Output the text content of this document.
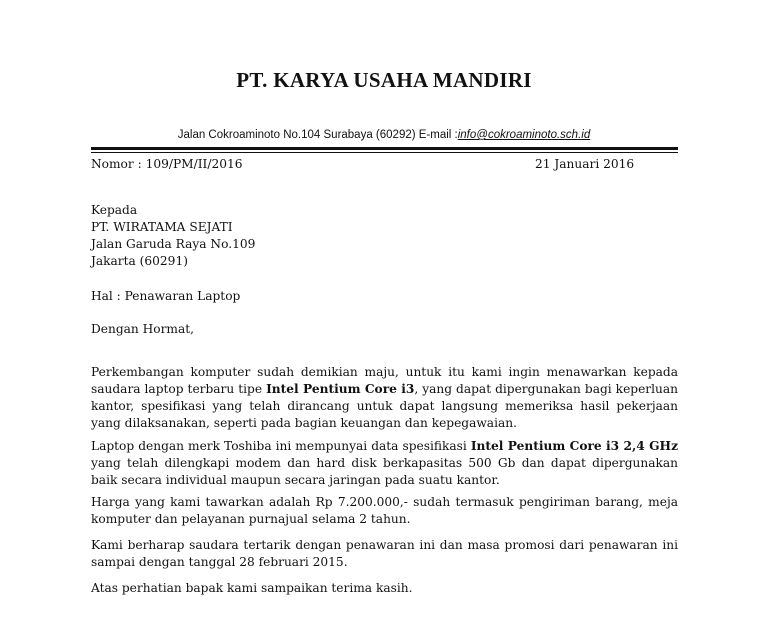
PT. KARYA USAHA MANDIRI
Jalan Cokroaminoto No.104 Surabaya (60292) E-mail :info@cokroaminoto.sch.id
Nomor : 109/PM/II/2016	21 Januari 2016
Kepada
PT. WIRATAMA SEJATI
Jalan Garuda Raya No.109
Jakarta (60291)
Hal : Penawaran Laptop
Dengan Hormat,
Perkembangan komputer sudah demikian maju, untuk itu kami ingin menawarkan kepada saudara laptop terbaru tipe Intel Pentium Core i3, yang dapat dipergunakan bagi keperluan kantor, spesifikasi yang telah dirancang untuk dapat langsung memeriksa hasil pekerjaan yang dilaksanakan, seperti pada bagian keuangan dan kepegawaian.
Laptop dengan merk Toshiba ini mempunyai data spesifikasi Intel Pentium Core i3 2,4 GHz yang telah dilengkapi modem dan hard disk berkapasitas 500 Gb dan dapat dipergunakan baik secara individual maupun secara jaringan pada suatu kantor.
Harga yang kami tawarkan adalah Rp 7.200.000,- sudah termasuk pengiriman barang, meja komputer dan pelayanan purnajual selama 2 tahun.
Kami berharap saudara tertarik dengan penawaran ini dan masa promosi dari penawaran ini sampai dengan tanggal 28 februari 2015.
Atas perhatian bapak kami sampaikan terima kasih.
